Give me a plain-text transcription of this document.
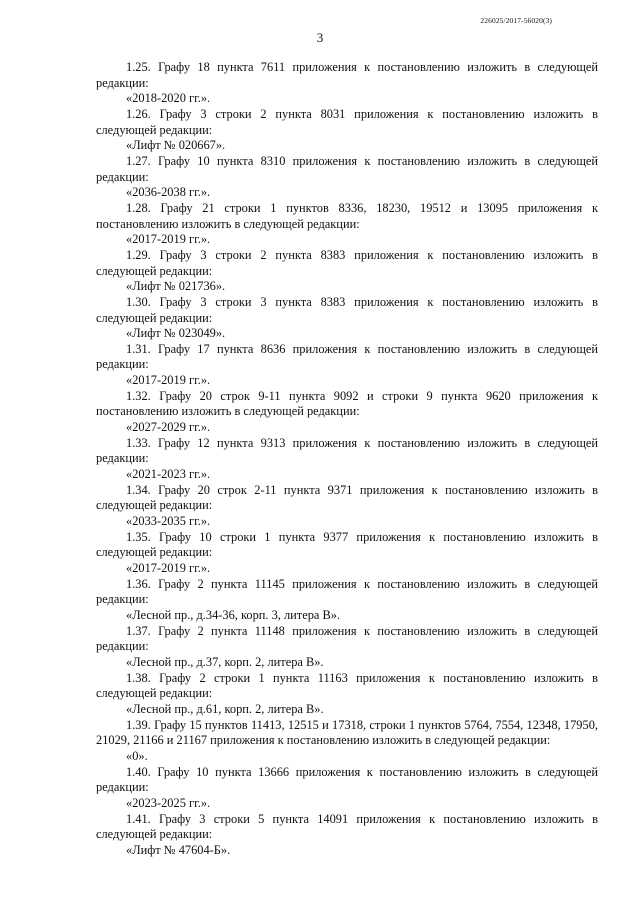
226025/2017-56020(3)
3
1.25. Графу 18 пункта 7611 приложения к постановлению изложить в следующей редакции:
«2018-2020 гг.».
1.26. Графу 3 строки 2 пункта 8031 приложения к постановлению изложить в следующей редакции:
«Лифт № 020667».
1.27. Графу 10 пункта 8310 приложения к постановлению изложить в следующей редакции:
«2036-2038 гг.».
1.28. Графу 21 строки 1 пунктов 8336, 18230, 19512 и 13095 приложения к постановлению изложить в следующей редакции:
«2017-2019 гг.».
1.29. Графу 3 строки 2 пункта 8383 приложения к постановлению изложить в следующей редакции:
«Лифт № 021736».
1.30. Графу 3 строки 3 пункта 8383 приложения к постановлению изложить в следующей редакции:
«Лифт № 023049».
1.31. Графу 17 пункта 8636 приложения к постановлению изложить в следующей редакции:
«2017-2019 гг.».
1.32. Графу 20 строк 9-11 пункта 9092 и строки 9 пункта 9620 приложения к постановлению изложить в следующей редакции:
«2027-2029 гг.».
1.33. Графу 12 пункта 9313 приложения к постановлению изложить в следующей редакции:
«2021-2023 гг.».
1.34. Графу 20 строк 2-11 пункта 9371 приложения к постановлению изложить в следующей редакции:
«2033-2035 гг.».
1.35. Графу 10 строки 1 пункта 9377 приложения к постановлению изложить в следующей редакции:
«2017-2019 гг.».
1.36. Графу 2 пункта 11145 приложения к постановлению изложить в следующей редакции:
«Лесной пр., д.34-36, корп. 3, литера В».
1.37. Графу 2 пункта 11148 приложения к постановлению изложить в следующей редакции:
«Лесной пр., д.37, корп. 2, литера В».
1.38. Графу 2 строки 1 пункта 11163 приложения к постановлению изложить в следующей редакции:
«Лесной пр., д.61, корп. 2, литера В».
1.39. Графу 15 пунктов 11413, 12515 и 17318, строки 1 пунктов 5764, 7554, 12348, 17950, 21029, 21166 и 21167 приложения к постановлению изложить в следующей редакции:
«0».
1.40. Графу 10 пункта 13666 приложения к постановлению изложить в следующей редакции:
«2023-2025 гг.».
1.41. Графу 3 строки 5 пункта 14091 приложения к постановлению изложить в следующей редакции:
«Лифт № 47604-Б».
